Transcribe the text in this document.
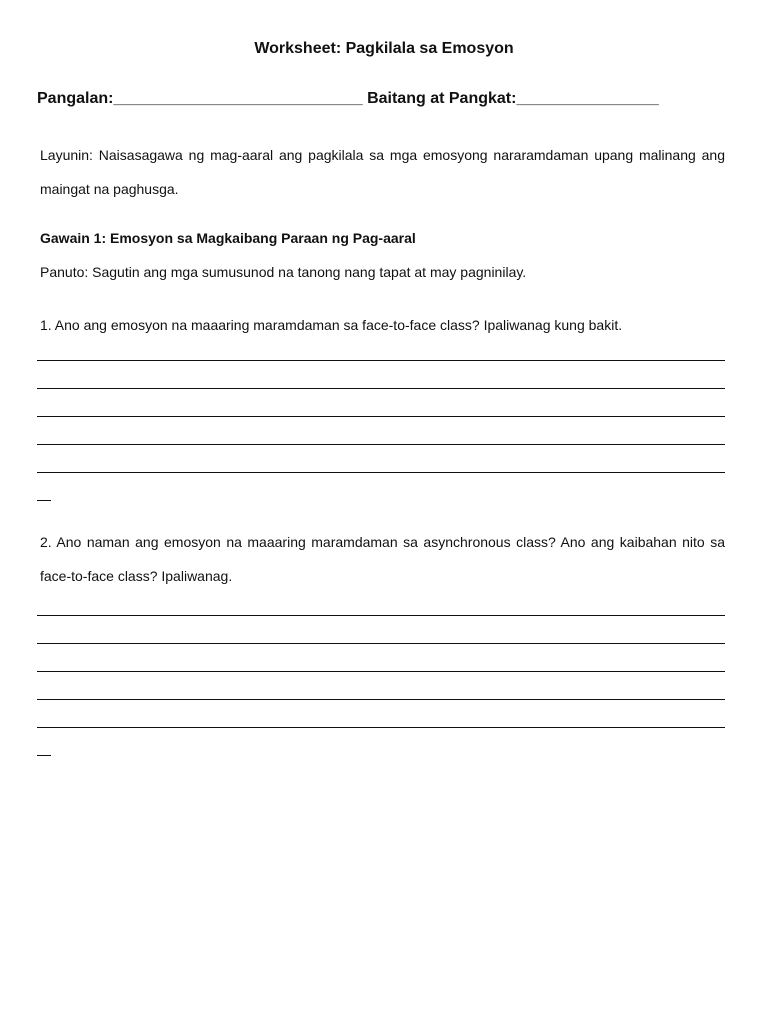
Worksheet: Pagkilala sa Emosyon
Pangalan:____________________________ Baitang at Pangkat:________________
Layunin: Naisasagawa ng mag-aaral ang pagkilala sa mga emosyong nararamdaman upang malinang ang maingat na paghusga.
Gawain 1: Emosyon sa Magkaibang Paraan ng Pag-aaral
Panuto: Sagutin ang mga sumusunod na tanong nang tapat at may pagninilay.
1. Ano ang emosyon na maaaring maramdaman sa face-to-face class? Ipaliwanag kung bakit.
2. Ano naman ang emosyon na maaaring maramdaman sa asynchronous class? Ano ang kaibahan nito sa face-to-face class? Ipaliwanag.
